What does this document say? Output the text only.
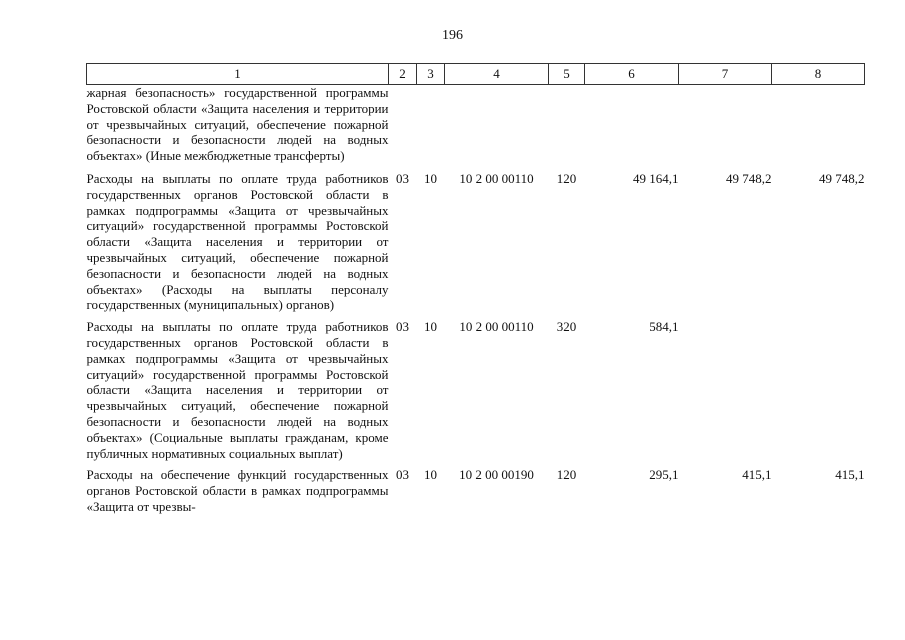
196
1	2	3	4	5	6	7	8
жарная безопасность» государственной программы Ростовской области «Защита населения и территории от чрезвычайных ситуаций, обеспечение пожарной безопасности и безопасности людей на водных объектах» (Иные межбюджетные трансферты)							
Расходы на выплаты по оплате труда работников государственных органов Ростовской области в рамках подпрограммы «Защита от чрезвычайных ситуаций» государственной программы Ростовской области «Защита населения и территории от чрезвычайных ситуаций, обеспечение пожарной безопасности и безопасности людей на водных объектах» (Расходы на выплаты персоналу государственных (муниципальных) органов)	03	10	10 2 00 00110	120	49 164,1	49 748,2	49 748,2
Расходы на выплаты по оплате труда работников государственных органов Ростовской области в рамках подпрограммы «Защита от чрезвычайных ситуаций» государственной программы Ростовской области «Защита населения и территории от чрезвычайных ситуаций, обеспечение пожарной безопасности и безопасности людей на водных объектах» (Социальные выплаты гражданам, кроме публичных нормативных социальных выплат)	03	10	10 2 00 00110	320	584,1		
Расходы на обеспечение функций государственных органов Ростовской области в рамках подпрограммы «Защита от чрезвы-	03	10	10 2 00 00190	120	295,1	415,1	415,1
